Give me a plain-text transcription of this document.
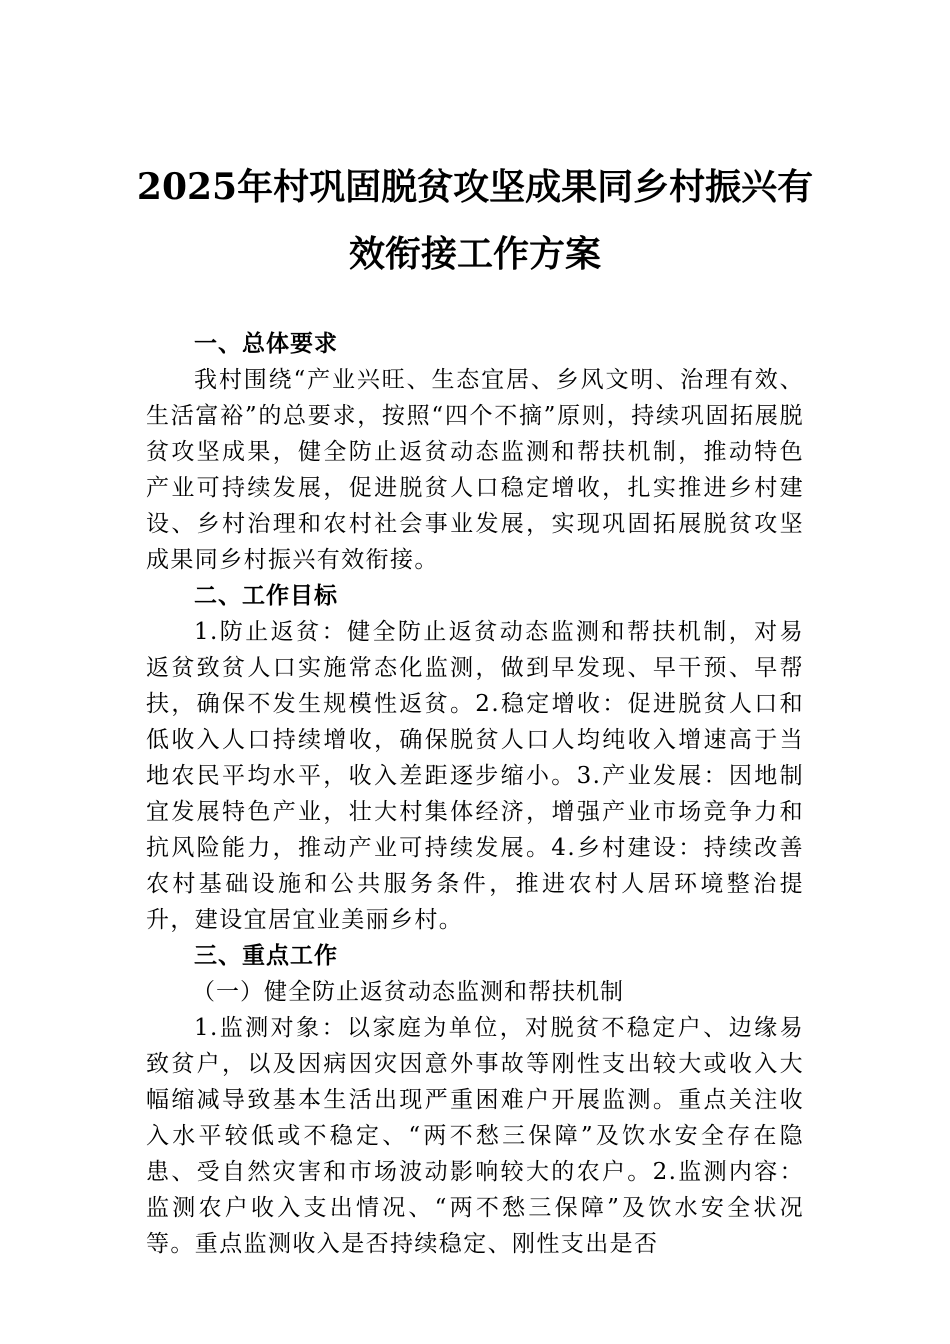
2025年村巩固脱贫攻坚成果同乡村振兴有
效衔接工作方案
一、总体要求

我村围绕“产业兴旺、生态宜居、乡风文明、治理有效、生活富裕”的总要求，按照“四个不摘”原则，持续巩固拓展脱贫攻坚成果，健全防止返贫动态监测和帮扶机制，推动特色产业可持续发展，促进脱贫人口稳定增收，扎实推进乡村建设、乡村治理和农村社会事业发展，实现巩固拓展脱贫攻坚成果同乡村振兴有效衔接。

二、工作目标

1.防止返贫：健全防止返贫动态监测和帮扶机制，对易返贫致贫人口实施常态化监测，做到早发现、早干预、早帮扶，确保不发生规模性返贫。2.稳定增收：促进脱贫人口和低收入人口持续增收，确保脱贫人口人均纯收入增速高于当地农民平均水平，收入差距逐步缩小。3.产业发展：因地制宜发展特色产业，壮大村集体经济，增强产业市场竞争力和抗风险能力，推动产业可持续发展。4.乡村建设：持续改善农村基础设施和公共服务条件，推进农村人居环境整治提升，建设宜居宜业美丽乡村。

三、重点工作
（一）健全防止返贫动态监测和帮扶机制

1.监测对象：以家庭为单位，对脱贫不稳定户、边缘易致贫户，以及因病因灾因意外事故等刚性支出较大或收入大幅缩减导致基本生活出现严重困难户开展监测。重点关注收入水平较低或不稳定、“两不愁三保障”及饮水安全存在隐患、受自然灾害和市场波动影响较大的农户。2.监测内容：监测农户收入支出情况、“两不愁三保障”及饮水安全状况等。重点监测收入是否持续稳定、刚性支出是否
